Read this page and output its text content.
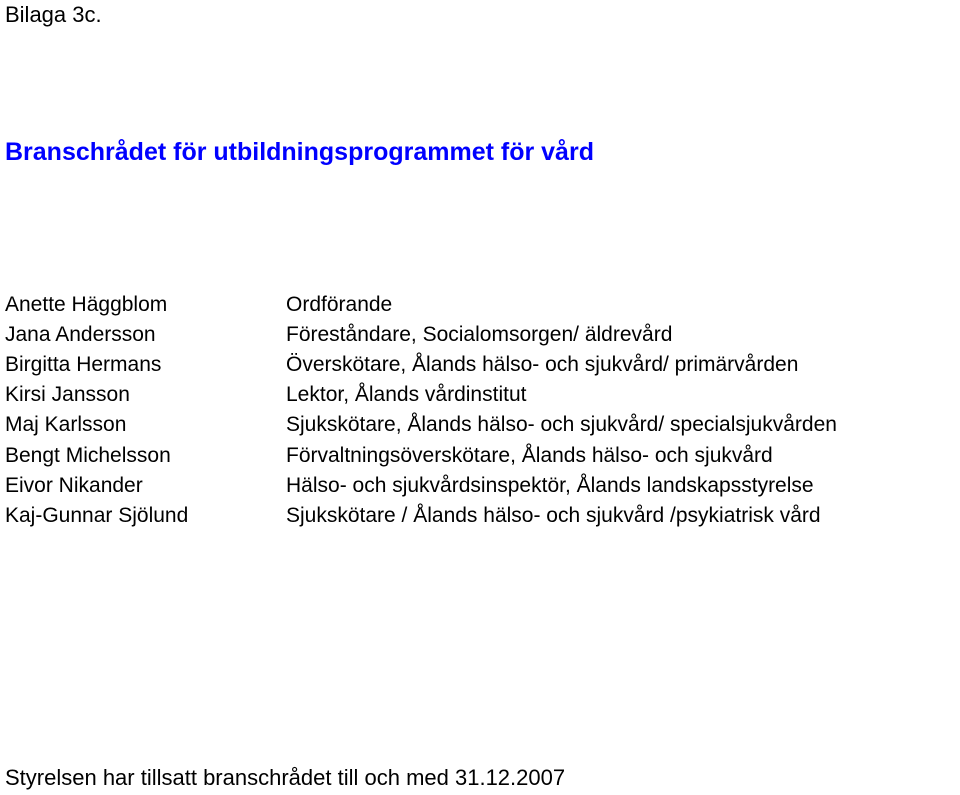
Bilaga 3c.
Branschrådet för utbildningsprogrammet för vård
Anette Häggblom	Ordförande
Jana Andersson	Föreståndare, Socialomsorgen/ äldrevård
Birgitta Hermans	Överskötare, Ålands hälso- och sjukvård/ primärvården
Kirsi Jansson	Lektor, Ålands vårdinstitut
Maj Karlsson	Sjukskötare, Ålands hälso- och sjukvård/ specialsjukvården
Bengt Michelsson	Förvaltningsöverskötare, Ålands hälso- och sjukvård
Eivor Nikander	Hälso- och sjukvårdsinspektör, Ålands landskapsstyrelse
Kaj-Gunnar Sjölund	Sjukskötare / Ålands hälso- och sjukvård /psykiatrisk vård
Styrelsen har tillsatt branschrådet till och med 31.12.2007
